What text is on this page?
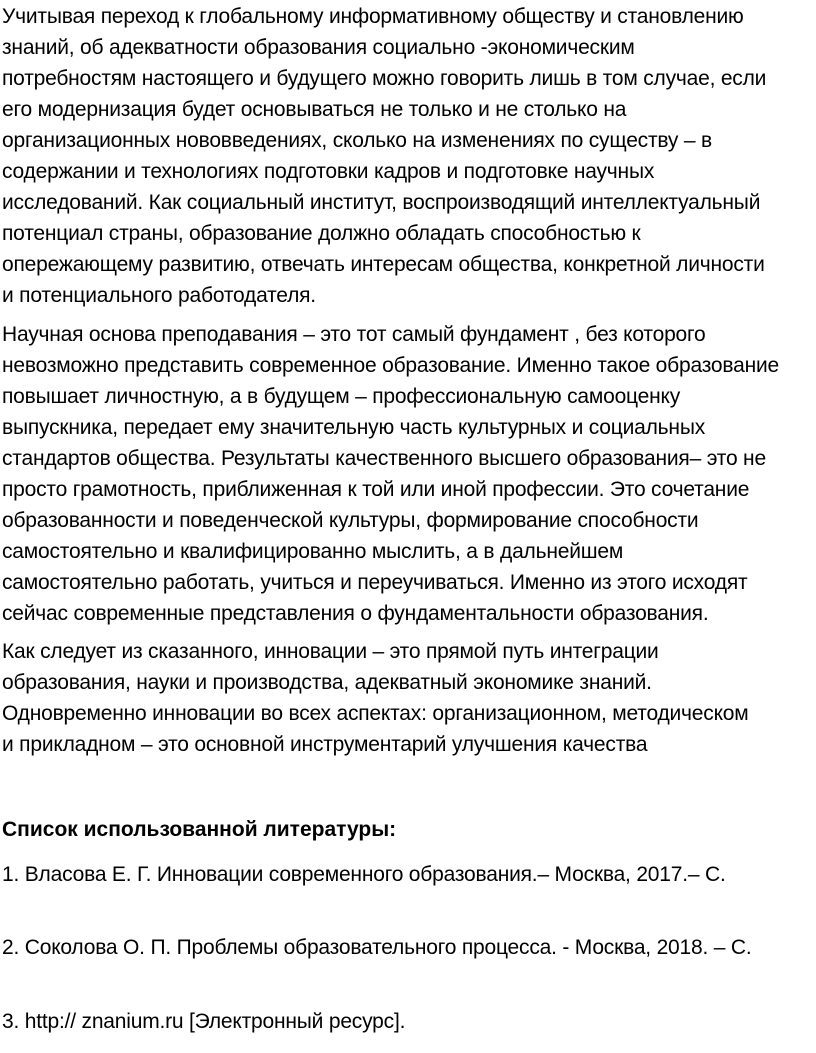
Учитывая переход к глобальному информативному обществу и становлению
знаний, об адекватности образования социально -экономическим
потребностям настоящего и будущего можно говорить лишь в том случае, если
его модернизация будет основываться не только и не столько на
организационных нововведениях, сколько на изменениях по существу – в
содержании и технологиях подготовки кадров и подготовке научных
исследований. Как социальный институт, воспроизводящий интеллектуальный
потенциал страны, образование должно обладать способностью к
опережающему развитию, отвечать интересам общества, конкретной личности
и потенциального работодателя.
Научная основа преподавания – это тот самый фундамент , без которого
невозможно представить современное образование. Именно такое образование
повышает личностную, а в будущем – профессиональную самооценку
выпускника, передает ему значительную часть культурных и социальных
стандартов общества. Результаты качественного высшего образования– это не
просто грамотность, приближенная к той или иной профессии. Это сочетание
образованности и поведенческой культуры, формирование способности
самостоятельно и квалифицированно мыслить, а в дальнейшем
самостоятельно работать, учиться и переучиваться. Именно из этого исходят
сейчас современные представления о фундаментальности образования.
Как следует из сказанного, инновации – это прямой путь интеграции
образования, науки и производства, адекватный экономике знаний.
Одновременно инновации во всех аспектах: организационном, методическом
и прикладном – это основной инструментарий улучшения качества
Список использованной литературы:
1. Власова Е. Г. Инновации современного образования.– Москва, 2017.– С.
2. Соколова О. П. Проблемы образовательного процесса. - Москва, 2018. – С.
3. http:// znanium.ru [Электронный ресурс].
